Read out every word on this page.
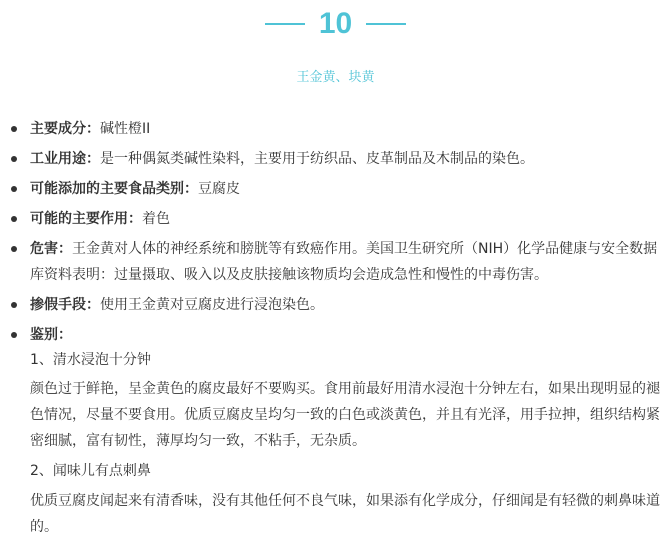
10
王金黄、块黄
主要成分：碱性橙II
工业用途：是一种偶氮类碱性染料，主要用于纺织品、皮革制品及木制品的染色。
可能添加的主要食品类别：豆腐皮
可能的主要作用：着色
危害：王金黄对人体的神经系统和膀胱等有致癌作用。美国卫生研究所（NIH）化学品健康与安全数据库资料表明：过量摄取、吸入以及皮肤接触该物质均会造成急性和慢性的中毒伤害。
掺假手段：使用王金黄对豆腐皮进行浸泡染色。
鉴别：
1、清水浸泡十分钟
颜色过于鲜艳，呈金黄色的腐皮最好不要购买。食用前最好用清水浸泡十分钟左右，如果出现明显的褪色情况，尽量不要食用。优质豆腐皮呈均匀一致的白色或淡黄色，并且有光泽，用手拉抻，组织结构紧密细腻，富有韧性，薄厚均匀一致，不粘手，无杂质。
2、闻味儿有点刺鼻
优质豆腐皮闻起来有清香味，没有其他任何不良气味，如果添有化学成分，仔细闻是有轻微的刺鼻味道的。
